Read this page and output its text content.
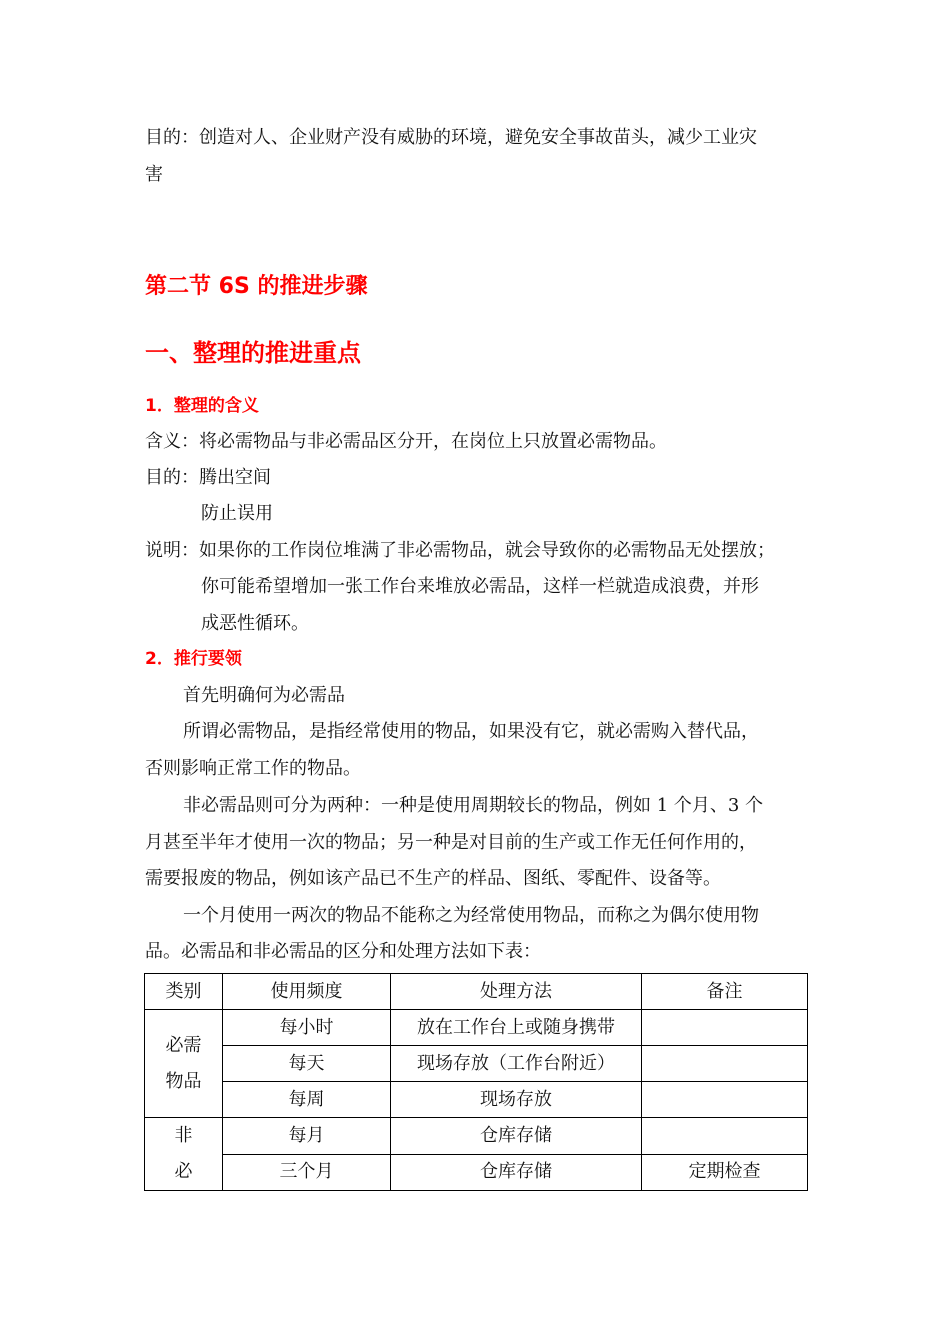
目的：创造对人、企业财产没有威胁的环境，避免安全事故苗头，减少工业灾
害
第二节 6S 的推进步骤
一、整理的推进重点
1．整理的含义
含义：将必需物品与非必需品区分开，在岗位上只放置必需物品。
目的：腾出空间
防止误用
说明：如果你的工作岗位堆满了非必需物品，就会导致你的必需物品无处摆放；
你可能希望增加一张工作台来堆放必需品，这样一栏就造成浪费，并形
成恶性循环。
2．推行要领
首先明确何为必需品
所谓必需物品，是指经常使用的物品，如果没有它，就必需购入替代品，
否则影响正常工作的物品。
非必需品则可分为两种：一种是使用周期较长的物品，例如 1 个月、3 个
月甚至半年才使用一次的物品；另一种是对目前的生产或工作无任何作用的，
需要报废的物品，例如该产品已不生产的样品、图纸、零配件、设备等。
一个月使用一两次的物品不能称之为经常使用物品，而称之为偶尔使用物
品。必需品和非必需品的区分和处理方法如下表：
类别	使用频度	处理方法	备注

必需
物品	每小时	放在工作台上或随身携带	
	每天	现场存放（工作台附近）	
	每周	现场存放	

非
必	每月	仓库存储	
	三个月	仓库存储	定期检查
